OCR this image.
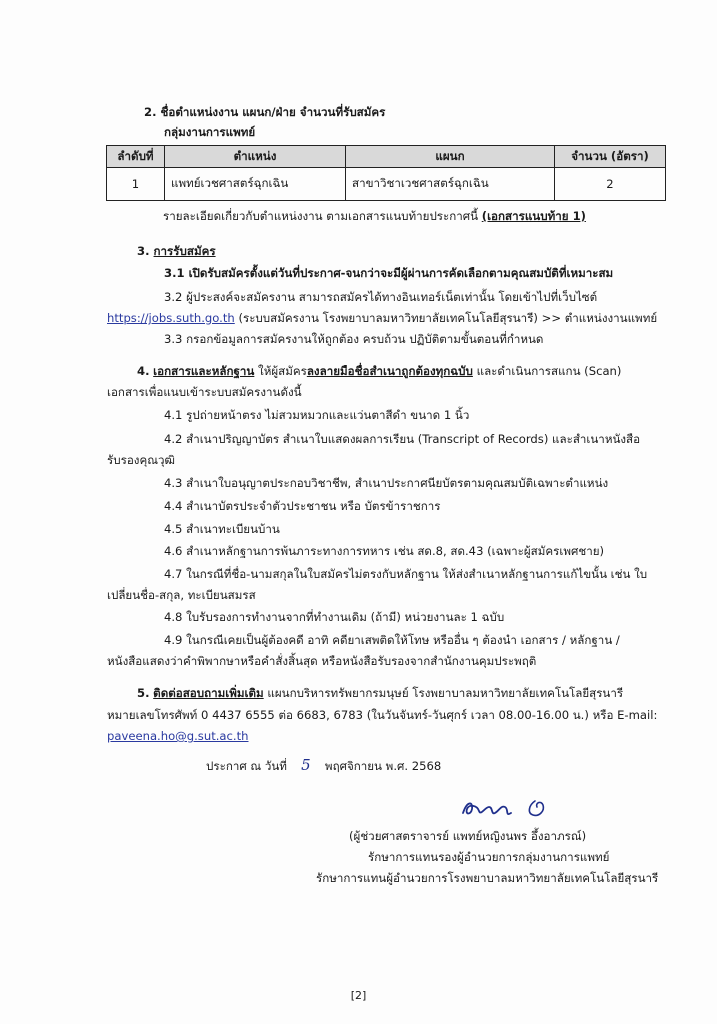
2. ชื่อตำแหน่งงาน แผนก/ฝ่าย จำนวนที่รับสมัคร
กลุ่มงานการแพทย์
ลำดับที่	ตำแหน่ง	แผนก	จำนวน (อัตรา)
1	แพทย์เวชศาสตร์ฉุกเฉิน	สาขาวิชาเวชศาสตร์ฉุกเฉิน	2
รายละเอียดเกี่ยวกับตำแหน่งงาน ตามเอกสารแนบท้ายประกาศนี้ (เอกสารแนบท้าย 1)
3. การรับสมัคร
3.1 เปิดรับสมัครตั้งแต่วันที่ประกาศ-จนกว่าจะมีผู้ผ่านการคัดเลือกตามคุณสมบัติที่เหมาะสม
3.2 ผู้ประสงค์จะสมัครงาน สามารถสมัครได้ทางอินเทอร์เน็ตเท่านั้น โดยเข้าไปที่เว็บไซต์
https://jobs.suth.go.th (ระบบสมัครงาน โรงพยาบาลมหาวิทยาลัยเทคโนโลยีสุรนารี) >> ตำแหน่งงานแพทย์
3.3 กรอกข้อมูลการสมัครงานให้ถูกต้อง ครบถ้วน ปฏิบัติตามขั้นตอนที่กำหนด
4. เอกสารและหลักฐาน ให้ผู้สมัครลงลายมือชื่อสำเนาถูกต้องทุกฉบับ และดำเนินการสแกน (Scan)
เอกสารเพื่อแนบเข้าระบบสมัครงานดังนี้
4.1 รูปถ่ายหน้าตรง ไม่สวมหมวกและแว่นตาสีดำ ขนาด 1 นิ้ว
4.2 สำเนาปริญญาบัตร สำเนาใบแสดงผลการเรียน (Transcript of Records) และสำเนาหนังสือ
รับรองคุณวุฒิ
4.3 สำเนาใบอนุญาตประกอบวิชาชีพ, สำเนาประกาศนียบัตรตามคุณสมบัติเฉพาะตำแหน่ง
4.4 สำเนาบัตรประจำตัวประชาชน หรือ บัตรข้าราชการ
4.5 สำเนาทะเบียนบ้าน
4.6 สำเนาหลักฐานการพ้นภาระทางการทหาร เช่น สด.8, สด.43 (เฉพาะผู้สมัครเพศชาย)
4.7 ในกรณีที่ชื่อ-นามสกุลในใบสมัครไม่ตรงกับหลักฐาน ให้ส่งสำเนาหลักฐานการแก้ไขนั้น เช่น ใบ
เปลี่ยนชื่อ-สกุล, ทะเบียนสมรส
4.8 ใบรับรองการทำงานจากที่ทำงานเดิม (ถ้ามี) หน่วยงานละ 1 ฉบับ
4.9 ในกรณีเคยเป็นผู้ต้องคดี อาทิ คดียาเสพติดให้โทษ หรืออื่น ๆ ต้องนำ เอกสาร / หลักฐาน /
หนังสือแสดงว่าคำพิพากษาหรือคำสั่งสิ้นสุด หรือหนังสือรับรองจากสำนักงานคุมประพฤติ
5. ติดต่อสอบถามเพิ่มเติม แผนกบริหารทรัพยากรมนุษย์ โรงพยาบาลมหาวิทยาลัยเทคโนโลยีสุรนารี
หมายเลขโทรศัพท์ 0 4437 6555 ต่อ 6683, 6783 (ในวันจันทร์-วันศุกร์ เวลา 08.00-16.00 น.) หรือ E-mail:
paveena.ho@g.sut.ac.th
ประกาศ ณ วันที่ 5 พฤศจิกายน พ.ศ. 2568
(ผู้ช่วยศาสตราจารย์ แพทย์หญิงนพร อึ้งอาภรณ์)
รักษาการแทนรองผู้อำนวยการกลุ่มงานการแพทย์
รักษาการแทนผู้อำนวยการโรงพยาบาลมหาวิทยาลัยเทคโนโลยีสุรนารี
[2]
